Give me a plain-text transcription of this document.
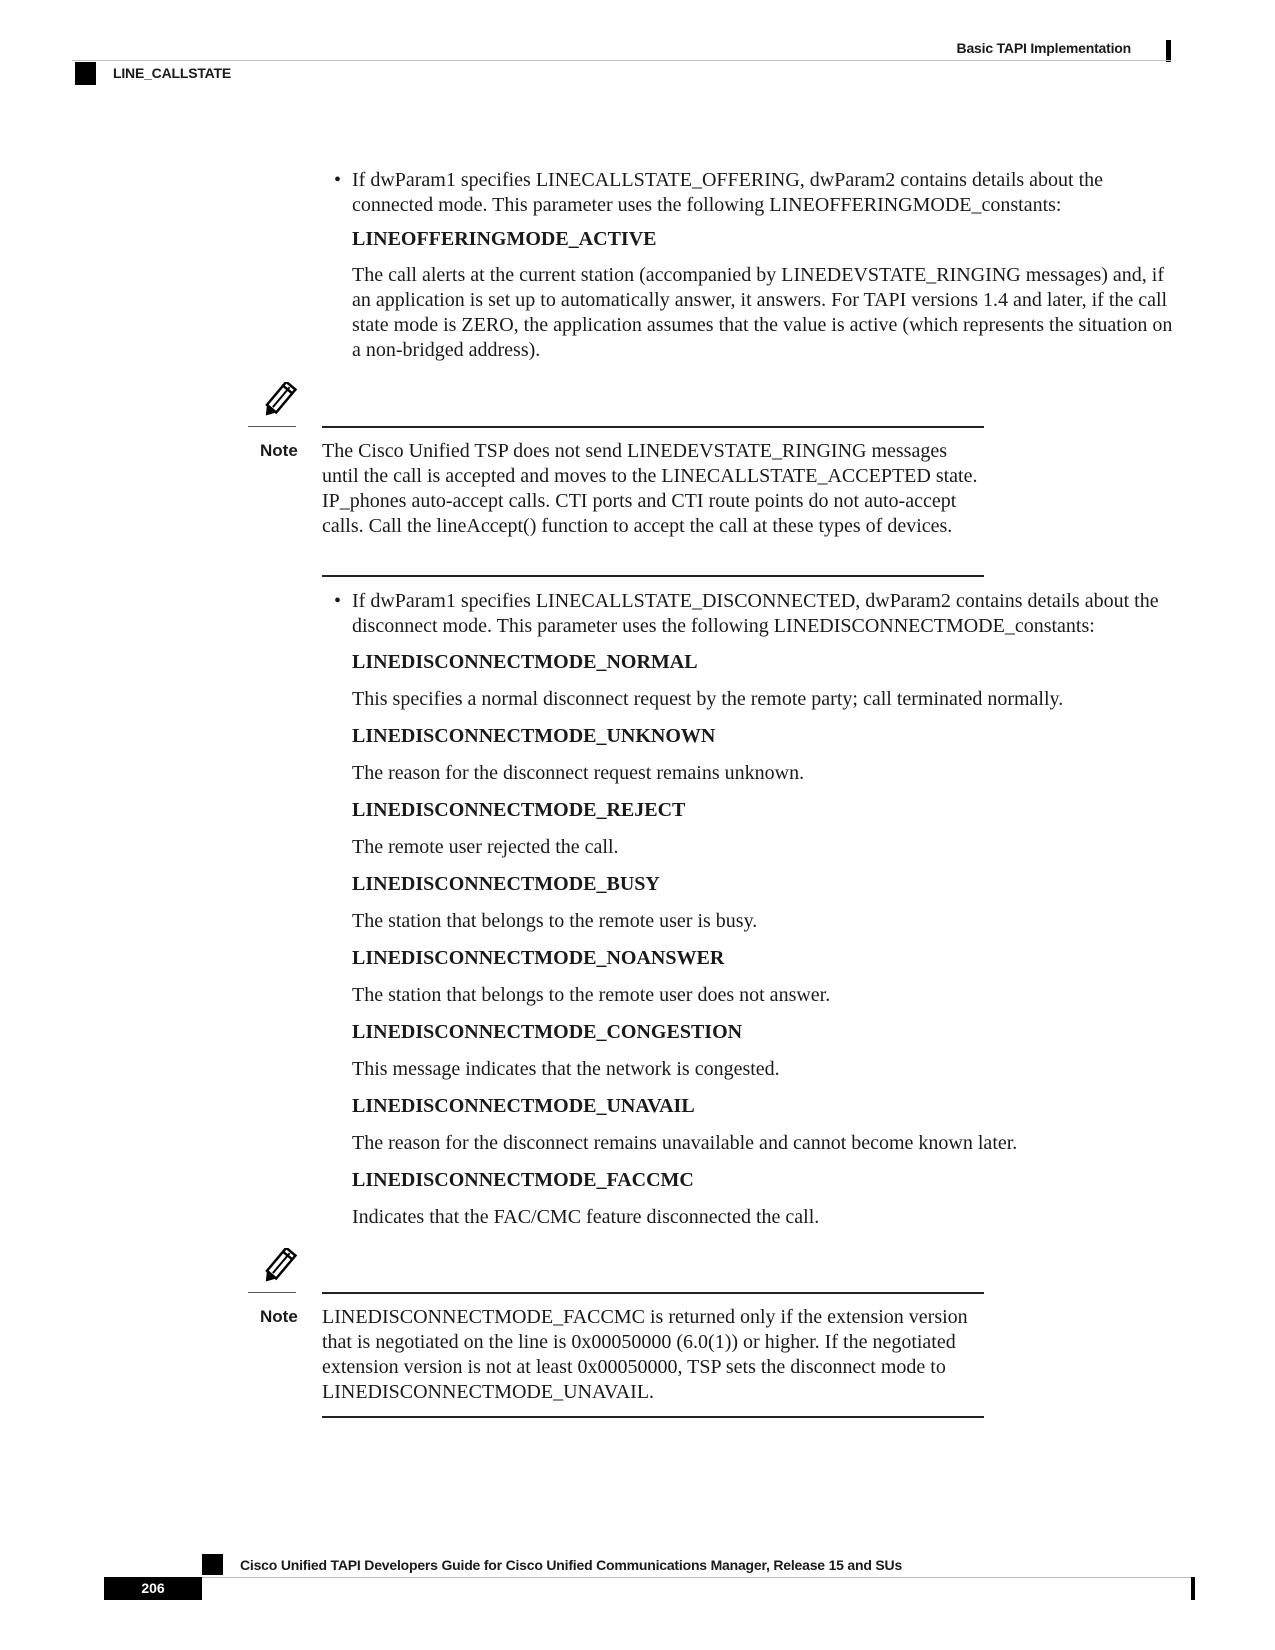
Basic TAPI Implementation
LINE_CALLSTATE
• If dwParam1 specifies LINECALLSTATE_OFFERING, dwParam2 contains details about the connected mode. This parameter uses the following LINEOFFERINGMODE_constants:
LINEOFFERINGMODE_ACTIVE
The call alerts at the current station (accompanied by LINEDEVSTATE_RINGING messages) and, if an application is set up to automatically answer, it answers. For TAPI versions 1.4 and later, if the call state mode is ZERO, the application assumes that the value is active (which represents the situation on a non-bridged address).
Note The Cisco Unified TSP does not send LINEDEVSTATE_RINGING messages until the call is accepted and moves to the LINECALLSTATE_ACCEPTED state. IP_phones auto-accept calls. CTI ports and CTI route points do not auto-accept calls. Call the lineAccept() function to accept the call at these types of devices.
• If dwParam1 specifies LINECALLSTATE_DISCONNECTED, dwParam2 contains details about the disconnect mode. This parameter uses the following LINEDISCONNECTMODE_constants:
LINEDISCONNECTMODE_NORMAL
This specifies a normal disconnect request by the remote party; call terminated normally.
LINEDISCONNECTMODE_UNKNOWN
The reason for the disconnect request remains unknown.
LINEDISCONNECTMODE_REJECT
The remote user rejected the call.
LINEDISCONNECTMODE_BUSY
The station that belongs to the remote user is busy.
LINEDISCONNECTMODE_NOANSWER
The station that belongs to the remote user does not answer.
LINEDISCONNECTMODE_CONGESTION
This message indicates that the network is congested.
LINEDISCONNECTMODE_UNAVAIL
The reason for the disconnect remains unavailable and cannot become known later.
LINEDISCONNECTMODE_FACCMC
Indicates that the FAC/CMC feature disconnected the call.
Note LINEDISCONNECTMODE_FACCMC is returned only if the extension version that is negotiated on the line is 0x00050000 (6.0(1)) or higher. If the negotiated extension version is not at least 0x00050000, TSP sets the disconnect mode to LINEDISCONNECTMODE_UNAVAIL.
Cisco Unified TAPI Developers Guide for Cisco Unified Communications Manager, Release 15 and SUs
206
